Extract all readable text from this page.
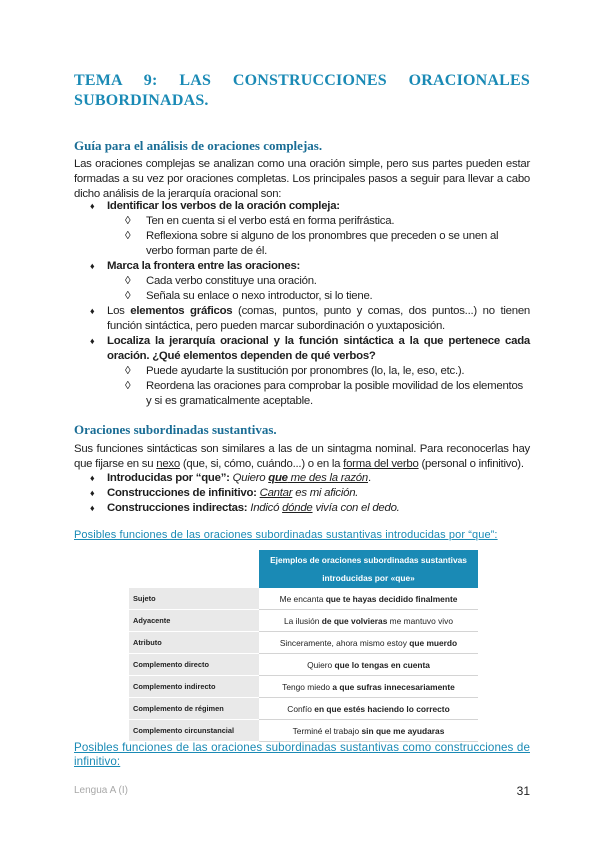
TEMA 9: LAS CONSTRUCCIONES ORACIONALES SUBORDINADAS.
Guía para el análisis de oraciones complejas.

Las oraciones complejas se analizan como una oración simple, pero sus partes pueden estar formadas a su vez por oraciones completas. Los principales pasos a seguir para llevar a cabo dicho análisis de la jerarquía oracional son:

♦ Identificar los verbos de la oración compleja:
◊ Ten en cuenta si el verbo está en forma perifrástica.
◊ Reflexiona sobre si alguno de los pronombres que preceden o se unen al verbo forman parte de él.
♦ Marca la frontera entre las oraciones:
◊ Cada verbo constituye una oración.
◊ Señala su enlace o nexo introductor, si lo tiene.
♦ Los elementos gráficos (comas, puntos, punto y comas, dos puntos...) no tienen función sintáctica, pero pueden marcar subordinación o yuxtaposición.
♦ Localiza la jerarquía oracional y la función sintáctica a la que pertenece cada oración. ¿Qué elementos dependen de qué verbos?
◊ Puede ayudarte la sustitución por pronombres (lo, la, le, eso, etc.).
◊ Reordena las oraciones para comprobar la posible movilidad de los elementos y si es gramaticalmente aceptable.
Oraciones subordinadas sustantivas.

Sus funciones sintácticas son similares a las de un sintagma nominal. Para reconocerlas hay que fijarse en su nexo (que, si, cómo, cuándo...) o en la forma del verbo (personal o infinitivo).

♦ Introducidas por “que”: Quiero que me des la razón.
♦ Construcciones de infinitivo: Cantar es mi afición.
♦ Construcciones indirectas: Indicó dónde vivía con el dedo.
Posibles funciones de las oraciones subordinadas sustantivas introducidas por “que”:
	Ejemplos de oraciones subordinadas sustantivas introducidas por «que»
Sujeto	Me encanta que te hayas decidido finalmente
Adyacente	La ilusión de que volvieras me mantuvo vivo
Atributo	Sinceramente, ahora mismo estoy que muerdo
Complemento directo	Quiero que lo tengas en cuenta
Complemento indirecto	Tengo miedo a que sufras innecesariamente
Complemento de régimen	Confío en que estés haciendo lo correcto
Complemento circunstancial	Terminé el trabajo sin que me ayudaras
Posibles funciones de las oraciones subordinadas sustantivas como construcciones de infinitivo:
Lengua A (I)	31
